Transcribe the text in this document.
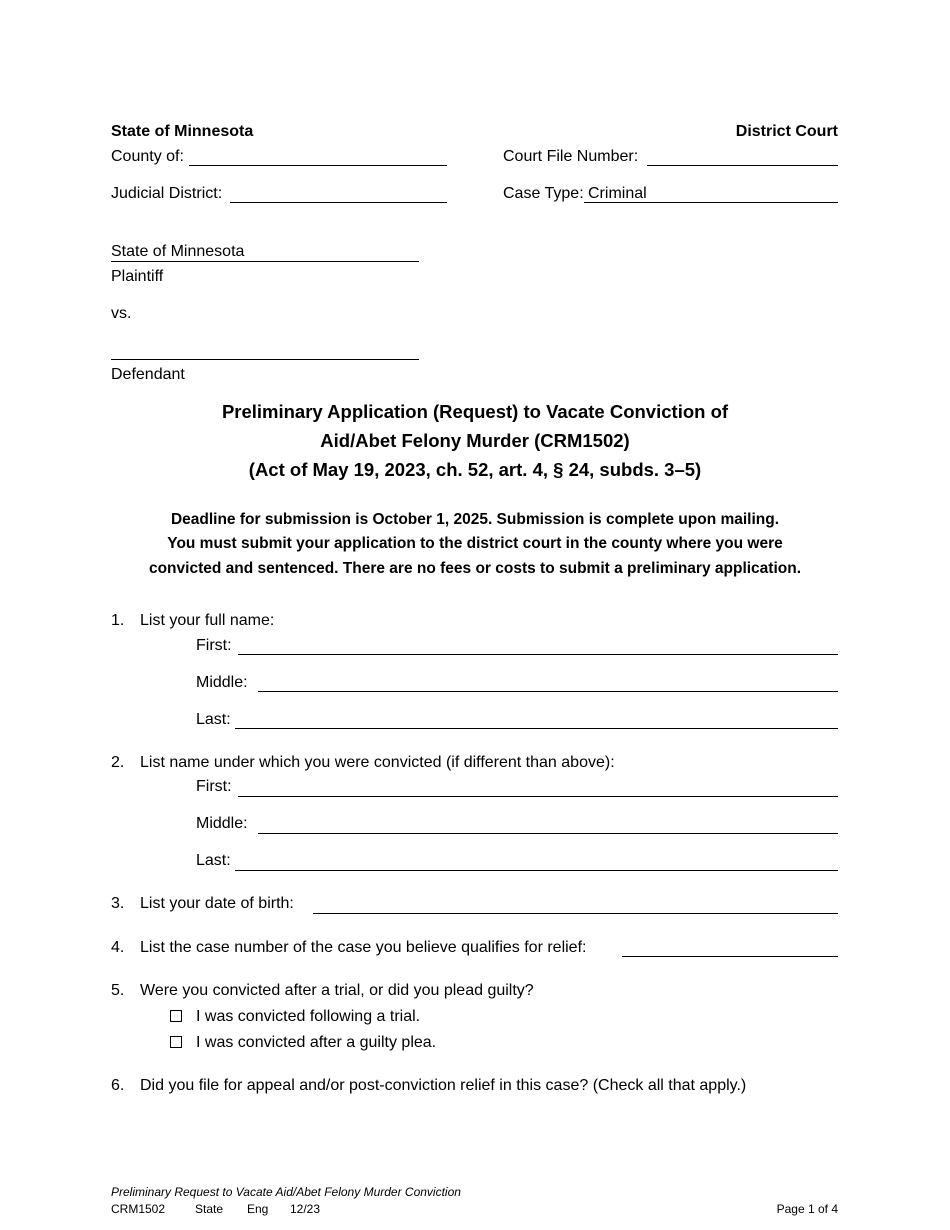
State of Minnesota	District Court
County of:	Court File Number:
Judicial District:	Case Type: Criminal
State of Minnesota
Plaintiff
vs.
Defendant
Preliminary Application (Request) to Vacate Conviction of
Aid/Abet Felony Murder (CRM1502)
(Act of May 19, 2023, ch. 52, art. 4, § 24, subds. 3–5)
Deadline for submission is October 1, 2025. Submission is complete upon mailing.
You must submit your application to the district court in the county where you were
convicted and sentenced. There are no fees or costs to submit a preliminary application.
1. List your full name:
First:
Middle:
Last:
2. List name under which you were convicted (if different than above):
First:
Middle:
Last:
3. List your date of birth:
4. List the case number of the case you believe qualifies for relief:
5. Were you convicted after a trial, or did you plead guilty?
I was convicted following a trial.
I was convicted after a guilty plea.
6. Did you file for appeal and/or post-conviction relief in this case? (Check all that apply.)
Preliminary Request to Vacate Aid/Abet Felony Murder Conviction
CRM1502 State Eng 12/23	Page 1 of 4
